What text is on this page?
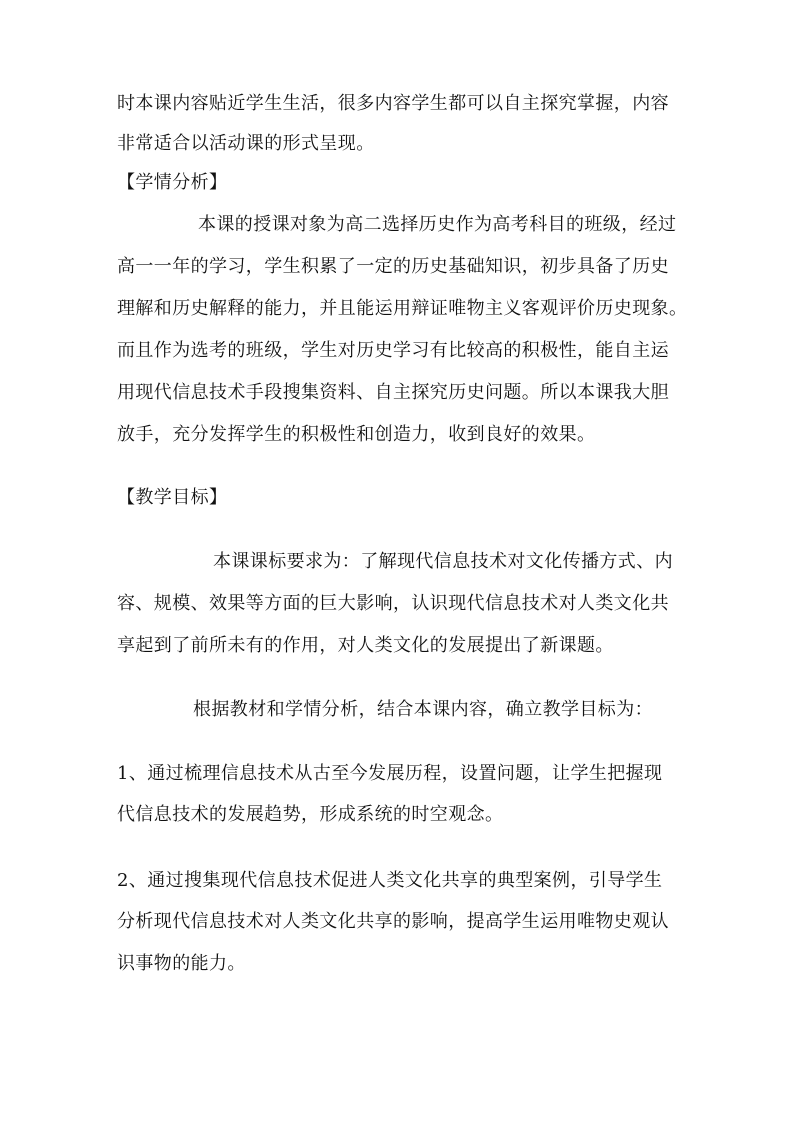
时本课内容贴近学生生活，很多内容学生都可以自主探究掌握，内容
非常适合以活动课的形式呈现。
【学情分析】
本课的授课对象为高二选择历史作为高考科目的班级，经过
高一一年的学习，学生积累了一定的历史基础知识，初步具备了历史
理解和历史解释的能力，并且能运用辩证唯物主义客观评价历史现象。
而且作为选考的班级，学生对历史学习有比较高的积极性，能自主运
用现代信息技术手段搜集资料、自主探究历史问题。所以本课我大胆
放手，充分发挥学生的积极性和创造力，收到良好的效果。
【教学目标】
本课课标要求为：了解现代信息技术对文化传播方式、内
容、规模、效果等方面的巨大影响，认识现代信息技术对人类文化共
享起到了前所未有的作用，对人类文化的发展提出了新课题。
根据教材和学情分析，结合本课内容，确立教学目标为：
1、通过梳理信息技术从古至今发展历程，设置问题，让学生把握现
代信息技术的发展趋势，形成系统的时空观念。
2、通过搜集现代信息技术促进人类文化共享的典型案例，引导学生
分析现代信息技术对人类文化共享的影响，提高学生运用唯物史观认
识事物的能力。
